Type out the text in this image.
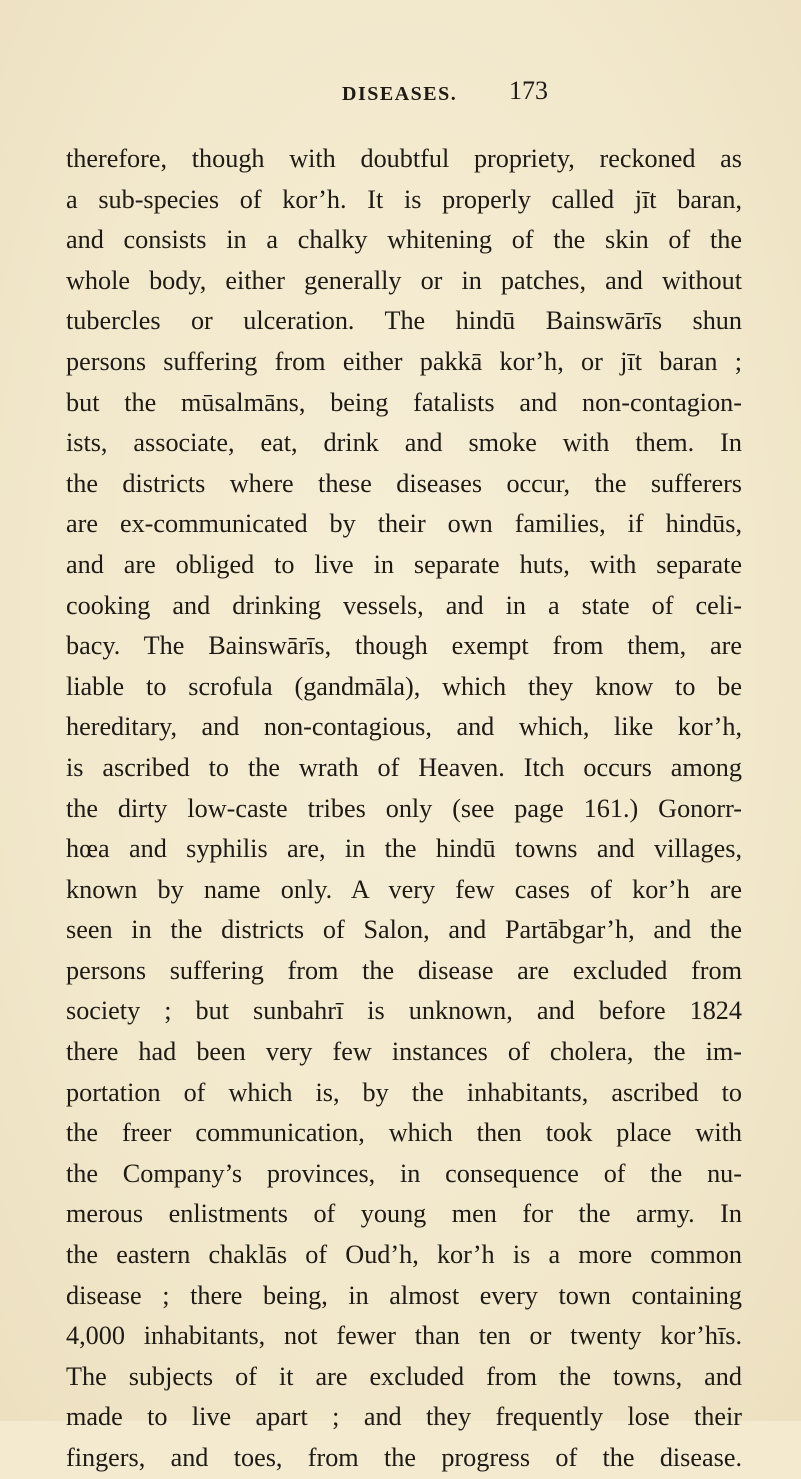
DISEASES. 173
therefore, though with doubtful propriety, reckoned as
a sub-species of kor’h. It is properly called jīt baran,
and consists in a chalky whitening of the skin of the
whole body, either generally or in patches, and without
tubercles or ulceration. The hindū Bainswārīs shun
persons suffering from either pakkā kor’h, or jīt baran ;
but the mūsalmāns, being fatalists and non-contagion-
ists, associate, eat, drink and smoke with them. In
the districts where these diseases occur, the sufferers
are ex-communicated by their own families, if hindūs,
and are obliged to live in separate huts, with separate
cooking and drinking vessels, and in a state of celi-
bacy. The Bainswārīs, though exempt from them, are
liable to scrofula (gandmāla), which they know to be
hereditary, and non-contagious, and which, like kor’h,
is ascribed to the wrath of Heaven. Itch occurs among
the dirty low-caste tribes only (see page 161.) Gonorr-
hœa and syphilis are, in the hindū towns and villages,
known by name only. A very few cases of kor’h are
seen in the districts of Salon, and Partābgar’h, and the
persons suffering from the disease are excluded from
society ; but sunbahrī is unknown, and before 1824
there had been very few instances of cholera, the im-
portation of which is, by the inhabitants, ascribed to
the freer communication, which then took place with
the Company’s provinces, in consequence of the nu-
merous enlistments of young men for the army. In
the eastern chaklās of Oud’h, kor’h is a more common
disease ; there being, in almost every town containing
4,000 inhabitants, not fewer than ten or twenty kor’hīs.
The subjects of it are excluded from the towns, and
made to live apart ; and they frequently lose their
fingers, and toes, from the progress of the disease.
